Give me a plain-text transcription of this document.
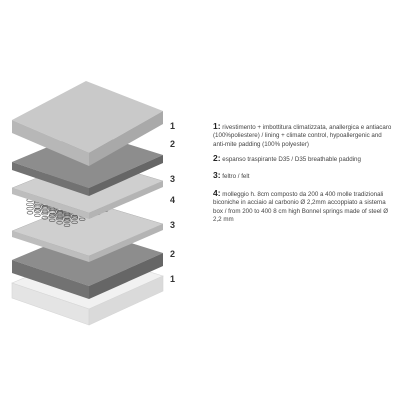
1
2
3
4
3
2
1
1: rivestimento + imbottitura climatizzata, anallergica e antiacaro (100%poliestere) / lining + climate control, hypoallergenic and anti-mite padding (100% polyester)
2: espanso traspirante D35 / D35 breathable padding
3: feltro / felt
4: molleggio h. 8cm composto da 200 a 400 molle tradizionali biconiche in acciaio al carbonio Ø 2,2mm accoppiato a sistema box / from 200 to 400 8 cm high Bonnel springs made of steel Ø 2,2 mm
